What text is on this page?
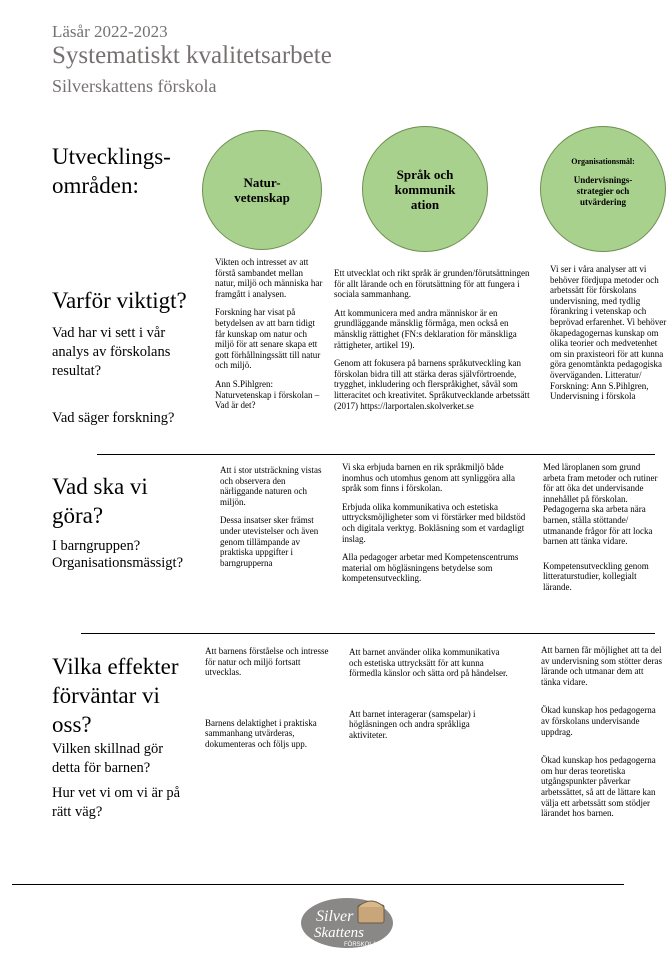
Läsår 2022-2023
Systematiskt kvalitetsarbete
Silverskattens förskola
Utvecklings-
områden:	Natur-
vetenskap
Språk och
kommunik
ation
Organisationsmål:
Undervisnings-strategier och utvärdering
Varför viktigt?
Vad har vi sett i vår analys av förskolans resultat?
Vad säger forskning?

Vikten och intresset av att förstå sambandet mellan natur, miljö och människa har framgått i analysen.

Forskning har visat på betydelsen av att barn tidigt får kunskap om natur och miljö för att senare skapa ett gott förhållningssätt till natur och miljö.

Ann S.Pihlgren: Naturvetenskap i förskolan – Vad är det?

Ett utvecklat och rikt språk är grunden/förutsättningen för allt lärande och en förutsättning för att fungera i sociala sammanhang.

Att kommunicera med andra människor är en grundläggande mänsklig förmåga, men också en mänsklig rättighet (FN:s deklaration för mänskliga rättigheter, artikel 19).

Genom att fokusera på barnens språkutveckling kan förskolan bidra till att stärka deras självförtroende, trygghet, inkludering och flerspråkighet, såväl som litteracitet och kreativitet. Språkutvecklande arbetssätt (2017) https://larportalen.skolverket.se

Vi ser i våra analyser att vi behöver fördjupa metoder och arbetssätt för förskolans undervisning, med tydlig förankring i vetenskap och beprövad erfarenhet. Vi behöver ökapedagogernas kunskap om olika teorier och medvetenhet om sin praxisteori för att kunna göra genomtänkta pedagogiska överväganden. Litteratur/ Forskning: Ann S.Pihlgren, Undervisning i förskola

Vad ska vi
göra?
I barngruppen?
Organisationsmässigt?

Att i stor utsträckning vistas och observera den närliggande naturen och miljön.

Dessa insatser sker främst under utevistelser och även genom tillämpande av praktiska uppgifter i barngrupperna

Vi ska erbjuda barnen en rik språkmiljö både inomhus och utomhus genom att synliggöra alla språk som finns i förskolan.

Erbjuda olika kommunikativa och estetiska uttrycksmöjligheter som vi förstärker med bildstöd och digitala verktyg. Bokläsning som et vardagligt inslag.

Alla pedagoger arbetar med Kompetenscentrums material om högläsningens betydelse som kompetensutveckling.

Med läroplanen som grund arbeta fram metoder och rutiner för att öka det undervisande innehållet på förskolan. Pedagogerna ska arbeta nära barnen, ställa stöttande/ utmanande frågor för att locka barnen att tänka vidare.

Kompetensutveckling genom litteraturstudier, kollegialt lärande.

Vilka effekter
förväntar vi
oss?
Vilken skillnad gör detta för barnen?
Hur vet vi om vi är på rätt väg?

Att barnens förståelse och intresse för natur och miljö fortsatt utvecklas.

Barnens delaktighet i praktiska sammanhang utvärderas, dokumenteras och följs upp.

Att barnet använder olika kommunikativa och estetiska uttrycksätt för att kunna förmedla känslor och sätta ord på händelser.

Att barnet interagerar (samspelar) i högläsningen och andra språkliga aktiviteter.

Att barnen får möjlighet att ta del av undervisning som stötter deras lärande och utmanar dem att tänka vidare.

Ökad kunskap hos pedagogerna av förskolans undervisande uppdrag.

Ökad kunskap hos pedagogerna om hur deras teoretiska utgångspunkter påverkar arbetssättet, så att de lättare kan välja ett arbetssätt som stödjer lärandet hos barnen.

Silver
Skattens
FÖRSKOLA
